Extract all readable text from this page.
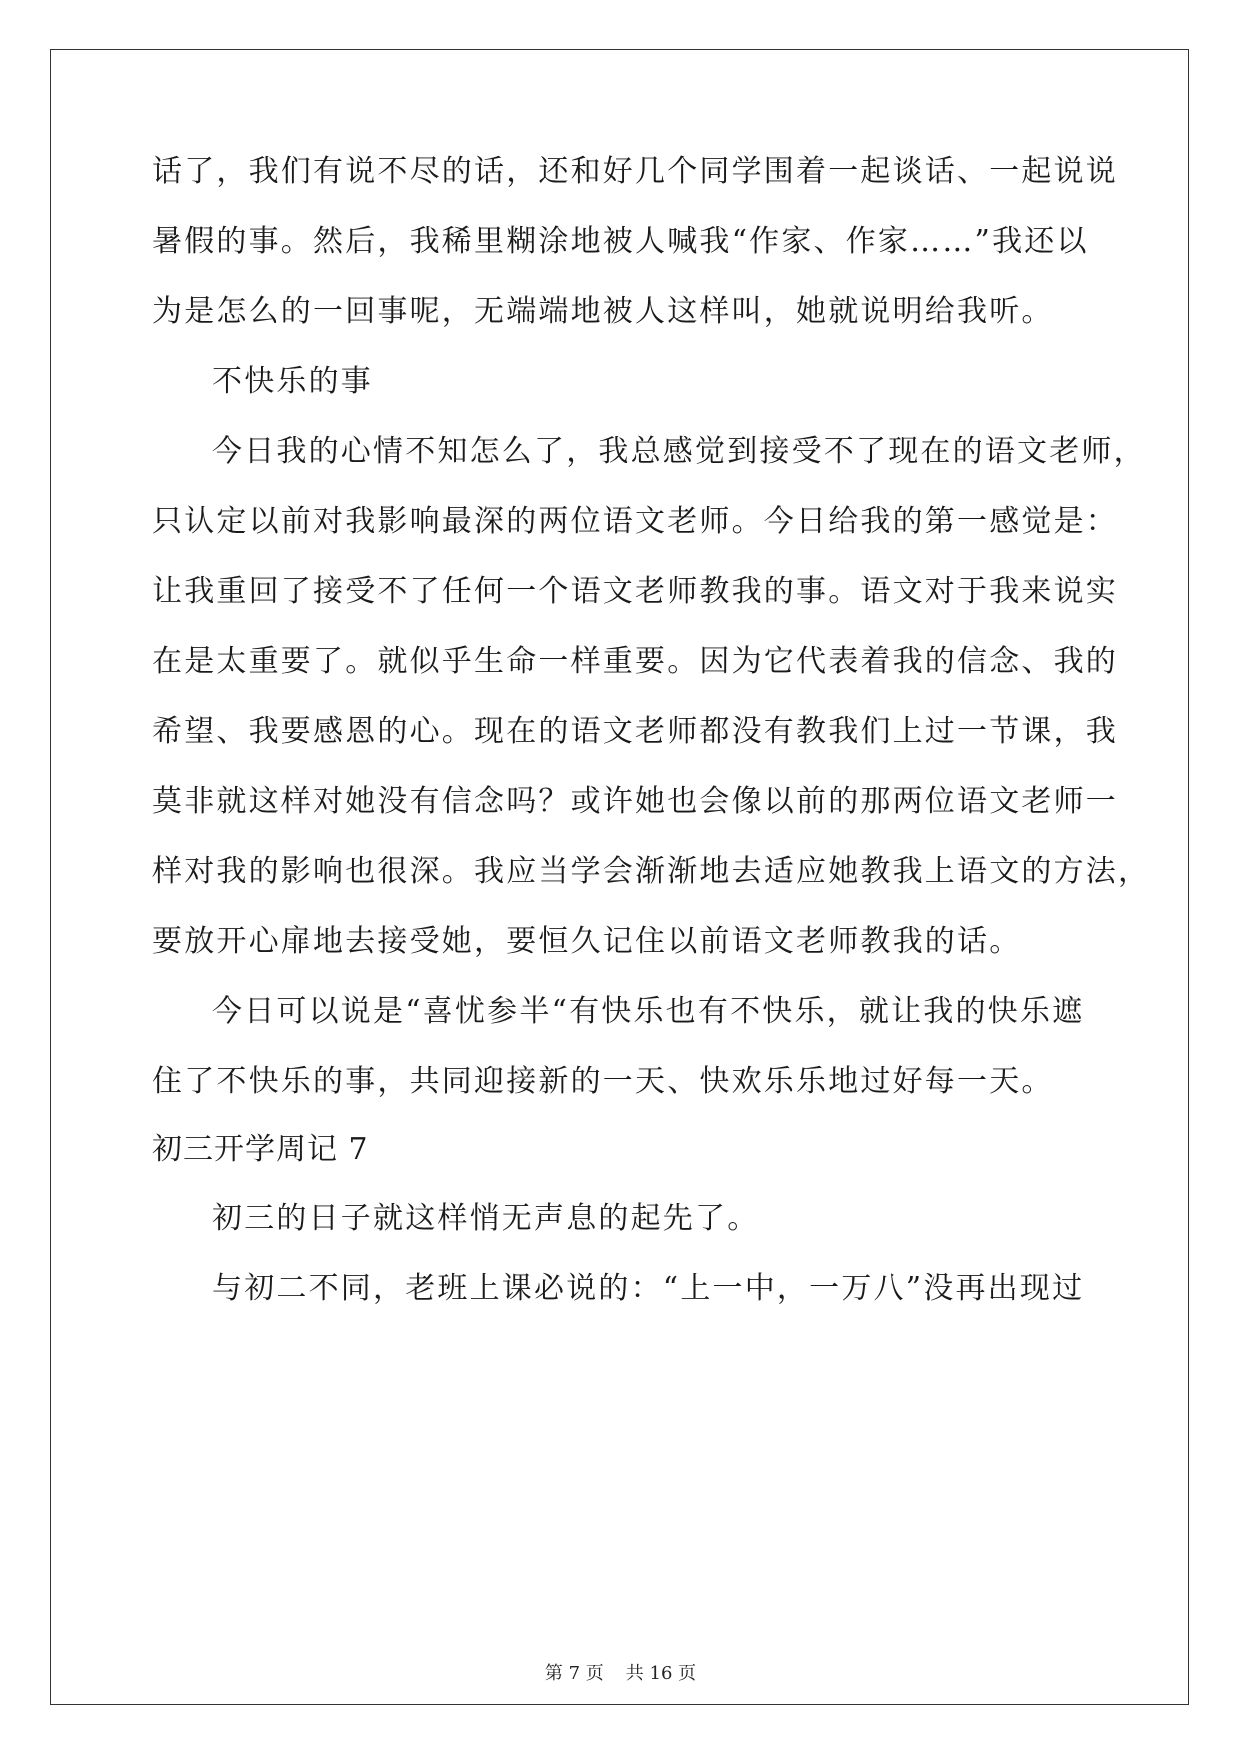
话了，我们有说不尽的话，还和好几个同学围着一起谈话、一起说说
暑假的事。然后，我稀里糊涂地被人喊我“作家、作家……”我还以
为是怎么的一回事呢，无端端地被人这样叫，她就说明给我听。
不快乐的事
今日我的心情不知怎么了，我总感觉到接受不了现在的语文老师，
只认定以前对我影响最深的两位语文老师。今日给我的第一感觉是：
让我重回了接受不了任何一个语文老师教我的事。语文对于我来说实
在是太重要了。就似乎生命一样重要。因为它代表着我的信念、我的
希望、我要感恩的心。现在的语文老师都没有教我们上过一节课，我
莫非就这样对她没有信念吗？或许她也会像以前的那两位语文老师一
样对我的影响也很深。我应当学会渐渐地去适应她教我上语文的方法，
要放开心扉地去接受她，要恒久记住以前语文老师教我的话。
今日可以说是“喜忧参半“有快乐也有不快乐，就让我的快乐遮
住了不快乐的事，共同迎接新的一天、快欢乐乐地过好每一天。
初三开学周记 7
初三的日子就这样悄无声息的起先了。
与初二不同，老班上课必说的：“上一中，一万八”没再出现过
第 7 页 共 16 页
